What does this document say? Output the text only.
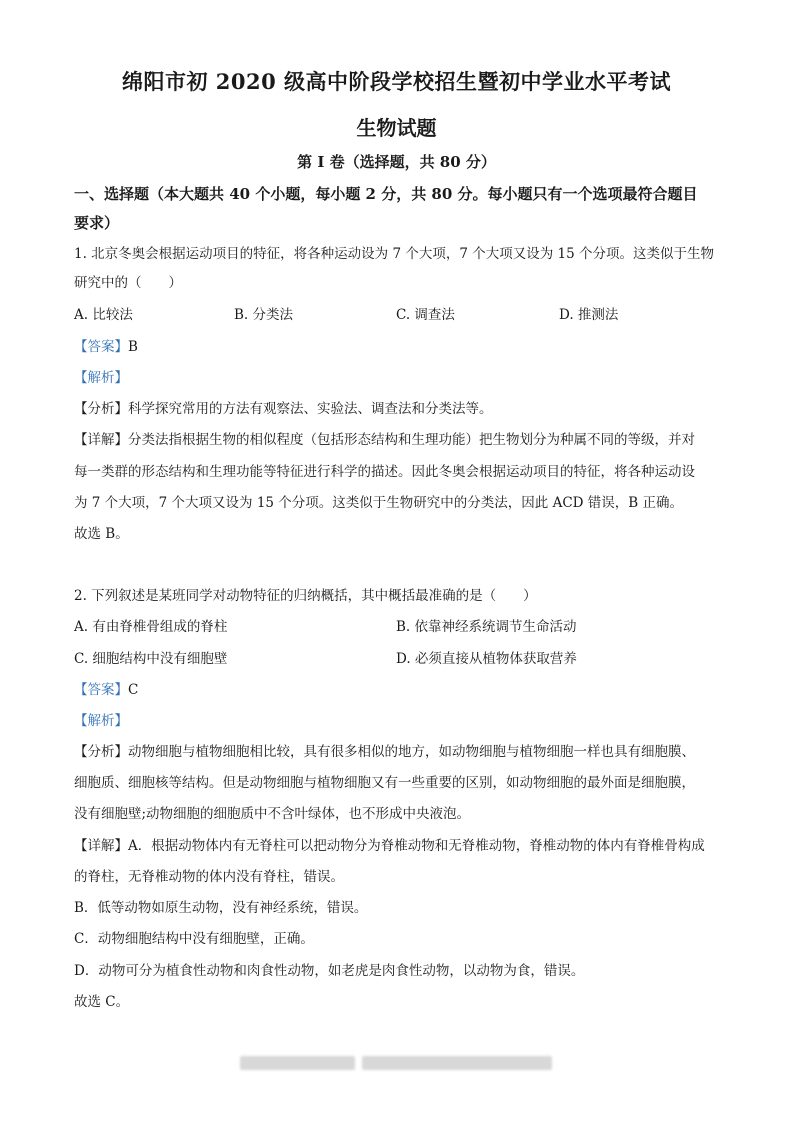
绵阳市初 2020 级高中阶段学校招生暨初中学业水平考试
生物试题
第 I 卷（选择题，共 80 分）
一、选择题（本大题共 40 个小题，每小题 2 分，共 80 分。每小题只有一个选项最符合题目
要求）
1. 北京冬奥会根据运动项目的特征，将各种运动设为 7 个大项，7 个大项又设为 15 个分项。这类似于生物
研究中的（　　）
A. 比较法	B. 分类法	C. 调查法	D. 推测法
【答案】B
【解析】
【分析】科学探究常用的方法有观察法、实验法、调查法和分类法等。
【详解】分类法指根据生物的相似程度（包括形态结构和生理功能）把生物划分为种属不同的等级，并对
每一类群的形态结构和生理功能等特征进行科学的描述。因此冬奥会根据运动项目的特征，将各种运动设
为 7 个大项，7 个大项又设为 15 个分项。这类似于生物研究中的分类法，因此 ACD 错误，B 正确。
故选 B。
2. 下列叙述是某班同学对动物特征的归纳概括，其中概括最准确的是（　　）
A. 有由脊椎骨组成的脊柱	B. 依靠神经系统调节生命活动
C. 细胞结构中没有细胞壁	D. 必须直接从植物体获取营养
【答案】C
【解析】
【分析】动物细胞与植物细胞相比较，具有很多相似的地方，如动物细胞与植物细胞一样也具有细胞膜、
细胞质、细胞核等结构。但是动物细胞与植物细胞又有一些重要的区别，如动物细胞的最外面是细胞膜，
没有细胞壁;动物细胞的细胞质中不含叶绿体，也不形成中央液泡。
【详解】A．根据动物体内有无脊柱可以把动物分为脊椎动物和无脊椎动物，脊椎动物的体内有脊椎骨构成
的脊柱，无脊椎动物的体内没有脊柱，错误。
B．低等动物如原生动物，没有神经系统，错误。
C．动物细胞结构中没有细胞壁，正确。
D．动物可分为植食性动物和肉食性动物，如老虎是肉食性动物，以动物为食，错误。
故选 C。
